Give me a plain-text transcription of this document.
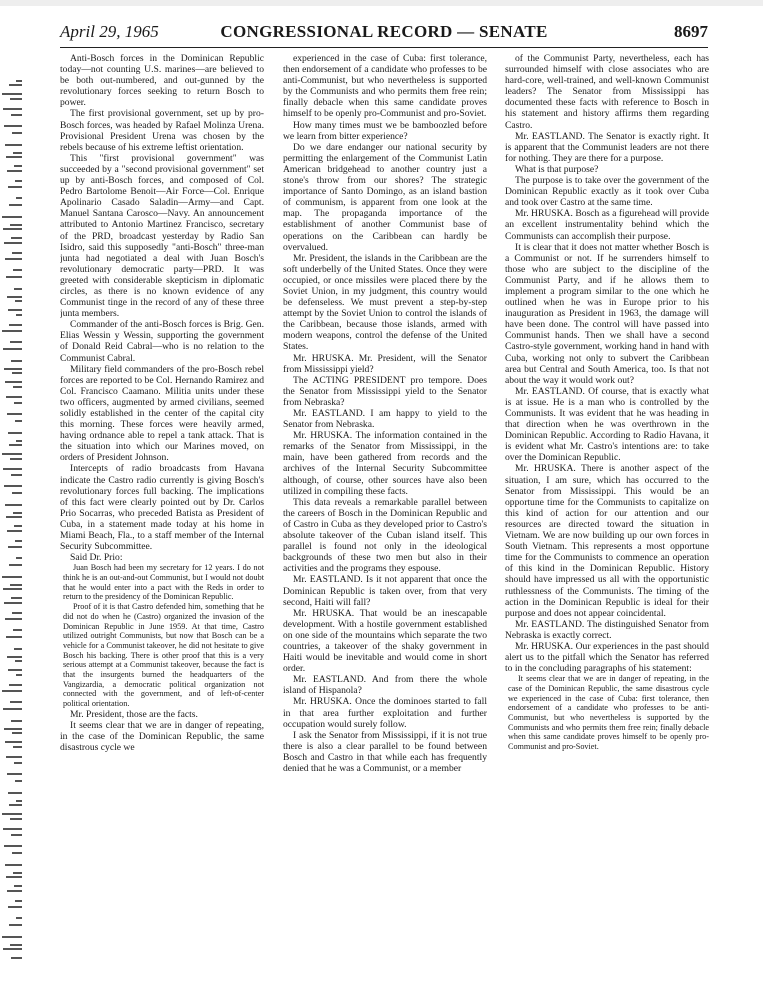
CONGRESSIONAL RECORD — SENATE
April 29, 1965	8697

Anti-Bosch forces in the Dominican Republic today—not counting U.S. marines—are believed to be both out-numbered, and out-gunned by the revolutionary forces seeking to return Bosch to power.

The first provisional government, set up by pro-Bosch forces, was headed by Rafael Molinza Urena. Provisional President Urena was chosen by the rebels because of his extreme leftist orientation.

This "first provisional government" was succeeded by a "second provisional government" set up by anti-Bosch forces, and composed of Col. Pedro Bartolome Benoit—Air Force—Col. Enrique Apolinario Casado Saladin—Army—and Capt. Manuel Santana Carosco—Navy. An announcement attributed to Antonio Martinez Francisco, secretary of the PRD, broadcast yesterday by Radio San Isidro, said this supposedly "anti-Bosch" three-man junta had negotiated a deal with Juan Bosch's revolutionary democratic party—PRD. It was greeted with considerable skepticism in diplomatic circles, as there is no known evidence of any Communist tinge in the record of any of these three junta members.

Commander of the anti-Bosch forces is Brig. Gen. Elias Wessin y Wessin, supporting the government of Donald Reid Cabral—who is no relation to the Communist Cabral.

Military field commanders of the pro-Bosch rebel forces are reported to be Col. Hernando Ramirez and Col. Francisco Caamano. Militia units under these two officers, augmented by armed civilians, seemed solidly established in the center of the capital city this morning. These forces were heavily armed, having ordnance able to repel a tank attack. That is the situation into which our Marines moved, on orders of President Johnson.

Intercepts of radio broadcasts from Havana indicate the Castro radio currently is giving Bosch's revolutionary forces full backing. The implications of this fact were clearly pointed out by Dr. Carlos Prio Socarras, who preceded Batista as President of Cuba, in a statement made today at his home in Miami Beach, Fla., to a staff member of the Internal Security Subcommittee.

Said Dr. Prio:

Juan Bosch had been my secretary for 12 years. I do not think he is an out-and-out Communist, but I would not doubt that he would enter into a pact with the Reds in order to return to the presidency of the Dominican Republic.

Proof of it is that Castro defended him, something that he did not do when he (Castro) organized the invasion of the Dominican Republic in June 1959. At that time, Castro utilized outright Communists, but now that Bosch can be a vehicle for a Communist takeover, he did not hesitate to give Bosch his backing. There is other proof that this is a very serious attempt at a Communist takeover, because the fact is that the insurgents burned the headquarters of the Vangizardia, a democratic political organization not connected with the government, and of left-of-center political orientation.

Mr. President, those are the facts.

It seems clear that we are in danger of repeating, in the case of the Dominican Republic, the same disastrous cycle we

experienced in the case of Cuba: first tolerance, then endorsement of a candidate who professes to be anti-Communist, but who nevertheless is supported by the Communists and who permits them free rein; finally debacle when this same candidate proves himself to be openly pro-Communist and pro-Soviet.

How many times must we be bamboozled before we learn from bitter experience?

Do we dare endanger our national security by permitting the enlargement of the Communist Latin American bridgehead to another country just a stone's throw from our shores? The strategic importance of Santo Domingo, as an island bastion of communism, is apparent from one look at the map. The propaganda importance of the establishment of another Communist base of operations on the Caribbean can hardly be overvalued.

Mr. President, the islands in the Caribbean are the soft underbelly of the United States. Once they were occupied, or once missiles were placed there by the Soviet Union, in my judgment, this country would be defenseless. We must prevent a step-by-step attempt by the Soviet Union to control the islands of the Caribbean, because those islands, armed with modern weapons, control the defense of the United States.

Mr. HRUSKA. Mr. President, will the Senator from Mississippi yield?

The ACTING PRESIDENT pro tempore. Does the Senator from Mississippi yield to the Senator from Nebraska?

Mr. EASTLAND. I am happy to yield to the Senator from Nebraska.

Mr. HRUSKA. The information contained in the remarks of the Senator from Mississippi, in the main, have been gathered from records and the archives of the Internal Security Subcommittee although, of course, other sources have also been utilized in compiling these facts.

This data reveals a remarkable parallel between the careers of Bosch in the Dominican Republic and of Castro in Cuba as they developed prior to Castro's absolute takeover of the Cuban island itself. This parallel is found not only in the ideological backgrounds of these two men but also in their activities and the programs they espouse.

Mr. EASTLAND. Is it not apparent that once the Dominican Republic is taken over, from that very second, Haiti will fall?

Mr. HRUSKA. That would be an inescapable development. With a hostile government established on one side of the mountains which separate the two countries, a takeover of the shaky government in Haiti would be inevitable and would come in short order.

Mr. EASTLAND. And from there the whole island of Hispanola?

Mr. HRUSKA. Once the dominoes started to fall in that area further exploitation and further occupation would surely follow.

I ask the Senator from Mississippi, if it is not true there is also a clear parallel to be found between Bosch and Castro in that while each has frequently denied that he was a Communist, or a member

of the Communist Party, nevertheless, each has surrounded himself with close associates who are hard-core, well-trained, and well-known Communist leaders? The Senator from Mississippi has documented these facts with reference to Bosch in his statement and history affirms them regarding Castro.

Mr. EASTLAND. The Senator is exactly right. It is apparent that the Communist leaders are not there for nothing. They are there for a purpose.

What is that purpose?

The purpose is to take over the government of the Dominican Republic exactly as it took over Cuba and took over Castro at the same time.

Mr. HRUSKA. Bosch as a figurehead will provide an excellent instrumentality behind which the Communists can accomplish their purpose.

It is clear that it does not matter whether Bosch is a Communist or not. If he surrenders himself to those who are subject to the discipline of the Communist Party, and if he allows them to implement a program similar to the one which he outlined when he was in Europe prior to his inauguration as President in 1963, the damage will have been done. The control will have passed into Communist hands. Then we shall have a second Castro-style government, working hand in hand with Cuba, working not only to subvert the Caribbean area but Central and South America, too. Is that not about the way it would work out?

Mr. EASTLAND. Of course, that is exactly what is at issue. He is a man who is controlled by the Communists. It was evident that he was heading in that direction when he was overthrown in the Dominican Republic. According to Radio Havana, it is evident what Mr. Castro's intentions are: to take over the Dominican Republic.

Mr. HRUSKA. There is another aspect of the situation, I am sure, which has occurred to the Senator from Mississippi. This would be an opportune time for the Communists to capitalize on this kind of action for our attention and our resources are directed toward the situation in Vietnam. We are now building up our own forces in South Vietnam. This represents a most opportune time for the Communists to commence an operation of this kind in the Dominican Republic. History should have impressed us all with the opportunistic ruthlessness of the Communists. The timing of the action in the Dominican Republic is ideal for their purpose and does not appear coincidental.

Mr. EASTLAND. The distinguished Senator from Nebraska is exactly correct.

Mr. HRUSKA. Our experiences in the past should alert us to the pitfall which the Senator has referred to in the concluding paragraphs of his statement:

It seems clear that we are in danger of repeating, in the case of the Dominican Republic, the same disastrous cycle we experienced in the case of Cuba: first tolerance, then endorsement of a candidate who professes to be anti-Communist, but who nevertheless is supported by the Communists and who permits them free rein; finally debacle when this same candidate proves himself to be openly pro-Communist and pro-Soviet.
